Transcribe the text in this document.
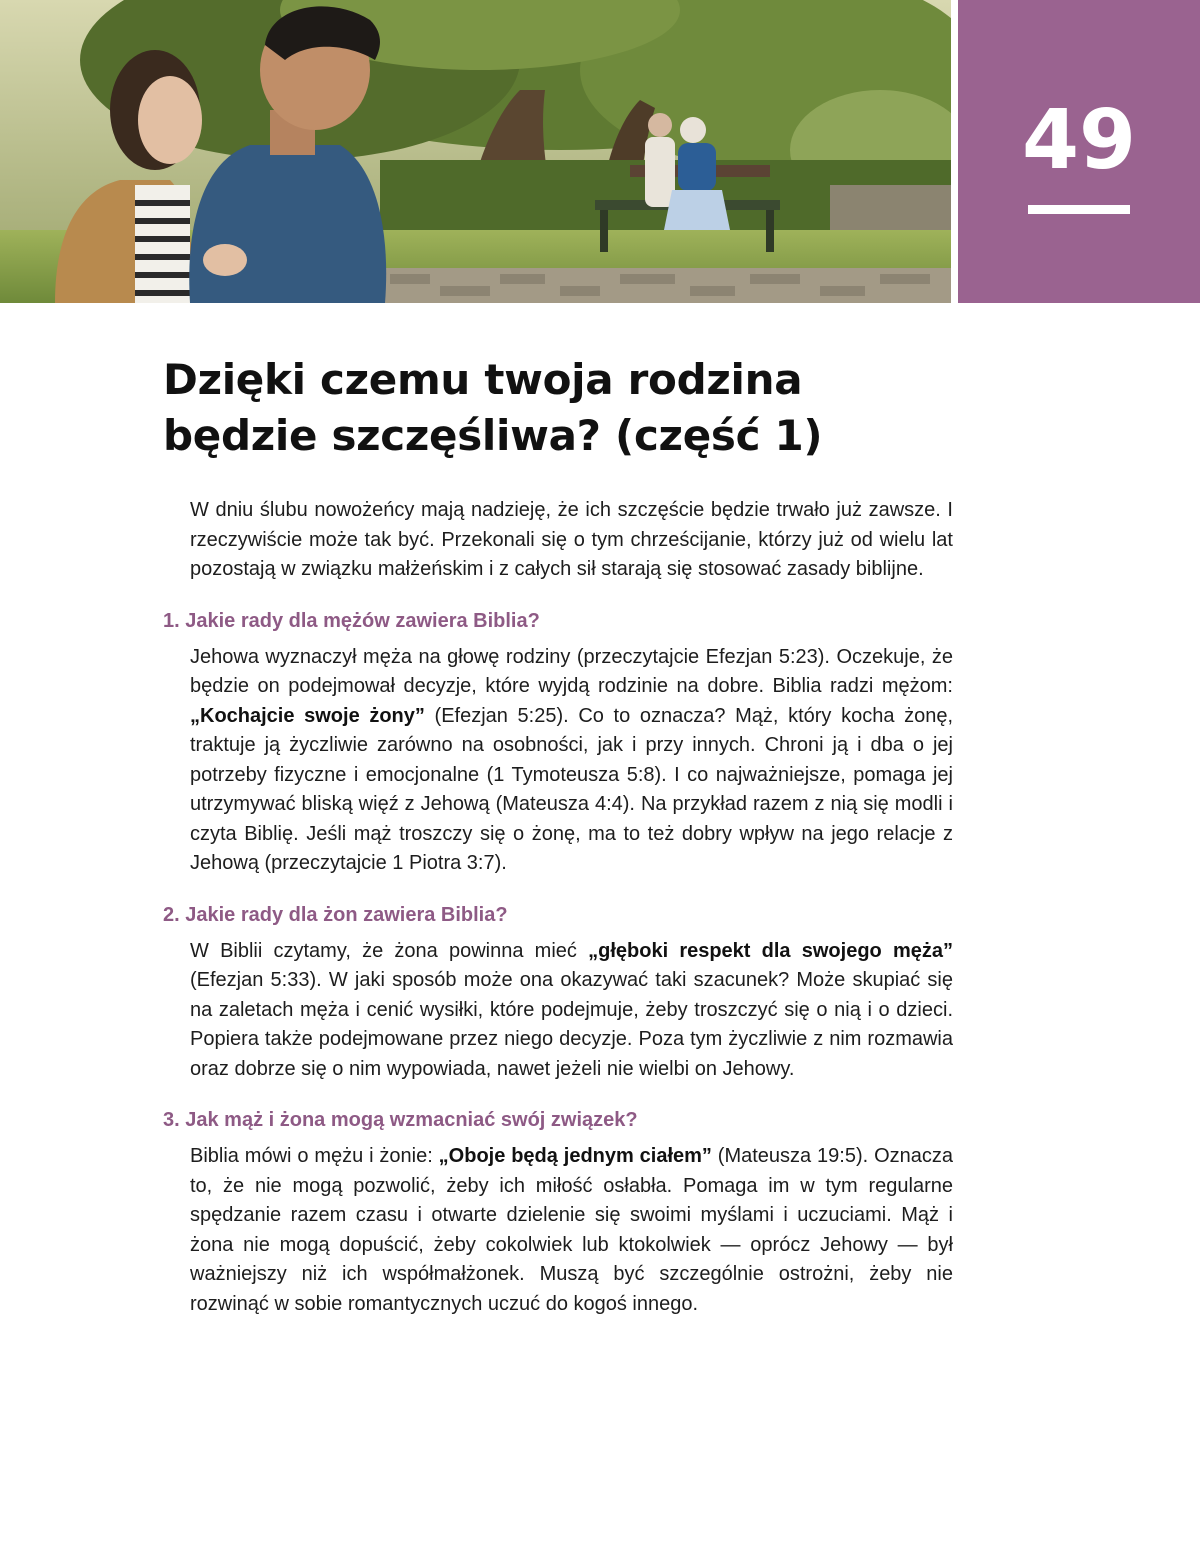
49
Dzięki czemu twoja rodzina będzie szczęśliwa? (część 1)

W dniu ślubu nowożeńcy mają nadzieję, że ich szczęście będzie trwało już zawsze. I rzeczywiście może tak być. Przekonali się o tym chrześcijanie, którzy już od wielu lat pozostają w związku małżeńskim i z całych sił starają się stosować zasady biblijne.

1. Jakie rady dla mężów zawiera Biblia?

Jehowa wyznaczył męża na głowę rodziny (przeczytajcie Efezjan 5:23). Oczekuje, że będzie on podejmował decyzje, które wyjdą rodzinie na dobre. Biblia radzi mężom: „Kochajcie swoje żony” (Efezjan 5:25). Co to oznacza? Mąż, który kocha żonę, traktuje ją życzliwie zarówno na osobności, jak i przy innych. Chroni ją i dba o jej potrzeby fizyczne i emocjonalne (1 Tymoteusza 5:8). I co najważniejsze, pomaga jej utrzymywać bliską więź z Jehową (Mateusza 4:4). Na przykład razem z nią się modli i czyta Biblię. Jeśli mąż troszczy się o żonę, ma to też dobry wpływ na jego relacje z Jehową (przeczytajcie 1 Piotra 3:7).

2. Jakie rady dla żon zawiera Biblia?

W Biblii czytamy, że żona powinna mieć „głęboki respekt dla swojego męża” (Efezjan 5:33). W jaki sposób może ona okazywać taki szacunek? Może skupiać się na zaletach męża i cenić wysiłki, które podejmuje, żeby troszczyć się o nią i o dzieci. Popiera także podejmowane przez niego decyzje. Poza tym życzliwie z nim rozmawia oraz dobrze się o nim wypowiada, nawet jeżeli nie wielbi on Jehowy.

3. Jak mąż i żona mogą wzmacniać swój związek?

Biblia mówi o mężu i żonie: „Oboje będą jednym ciałem” (Mateusza 19:5). Oznacza to, że nie mogą pozwolić, żeby ich miłość osłabła. Pomaga im w tym regularne spędzanie razem czasu i otwarte dzielenie się swoimi myślami i uczuciami. Mąż i żona nie mogą dopuścić, żeby cokolwiek lub ktokolwiek — oprócz Jehowy — był ważniejszy niż ich współmałżonek. Muszą być szczególnie ostrożni, żeby nie rozwinąć w sobie romantycznych uczuć do kogoś innego.
